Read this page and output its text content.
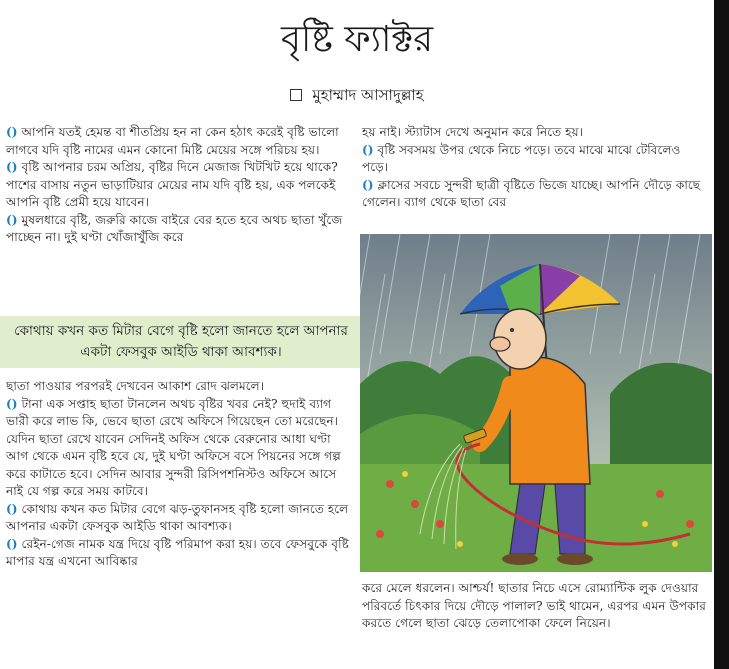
বৃষ্টি ফ্যাক্টর
মুহাম্মাদ আসাদুল্লাহ

() আপনি যতই হেমন্ত বা শীতপ্রিয় হন না কেন হঠাৎ করেই বৃষ্টি ভালো লাগবে যদি বৃষ্টি নামের এমন কোনো মিষ্টি মেয়ের সঙ্গে পরিচয় হয়।

() বৃষ্টি আপনার চরম অপ্রিয়, বৃষ্টির দিনে মেজাজ খিটখিট হয়ে থাকে? পাশের বাসায় নতুন ভাড়াটিয়ার মেয়ের নাম যদি বৃষ্টি হয়, এক পলকেই আপনি বৃষ্টি প্রেমী হয়ে যাবেন।

() মুষলধারে বৃষ্টি, জরুরি কাজে বাইরে বের হতে হবে অথচ ছাতা খুঁজে পাচ্ছেন না। দুই ঘণ্টা খোঁজাখুঁজি করে

কোথায় কখন কত মিটার বেগে বৃষ্টি হলো জানতে হলে আপনার একটা ফেসবুক আইডি থাকা আবশ্যক।

ছাতা পাওয়ার পরপরই দেখবেন আকাশ রোদ ঝলমলে।

() টানা এক সপ্তাহ ছাতা টানলেন অথচ বৃষ্টির খবর নেই? হুদাই ব্যাগ ভারী করে লাভ কি, ভেবে ছাতা রেখে অফিসে গিয়েছেন তো মরেছেন। যেদিন ছাতা রেখে যাবেন সেদিনই অফিস থেকে বেরুনোর আধা ঘণ্টা আগ থেকে এমন বৃষ্টি হবে যে, দুই ঘণ্টা অফিসে বসে পিয়নের সঙ্গে গল্প করে কাটাতে হবে। সেদিন আবার সুন্দরী রিসিপশনিস্টও অফিসে আসে নাই যে গল্প করে সময় কাটবে।

() কোথায় কখন কত মিটার বেগে ঝড়-তুফানসহ বৃষ্টি হলো জানতে হলে আপনার একটা ফেসবুক আইডি থাকা আবশ্যক।

() রেইন-গেজ নামক যন্ত্র দিয়ে বৃষ্টি পরিমাপ করা হয়। তবে ফেসবুকে বৃষ্টি মাপার যন্ত্র এখনো আবিষ্কার

হয় নাই। স্ট্যাটাস দেখে অনুমান করে নিতে হয়।

() বৃষ্টি সবসময় উপর থেকে নিচে পড়ে। তবে মাঝে মাঝে টেবিলেও পড়ে।

() ক্লাসের সবচে সুন্দরী ছাত্রী বৃষ্টিতে ভিজে যাচ্ছে। আপনি দৌড়ে কাছে গেলেন। ব্যাগ থেকে ছাতা বের

করে মেলে ধরলেন। আশ্চর্য! ছাতার নিচে এসে রোম্যান্টিক লুক দেওয়ার পরিবর্তে চিৎকার দিয়ে দৌড়ে পালাল? ভাই থামেন, এরপর এমন উপকার করতে গেলে ছাতা ঝেড়ে তেলাপোকা ফেলে নিয়েন।
